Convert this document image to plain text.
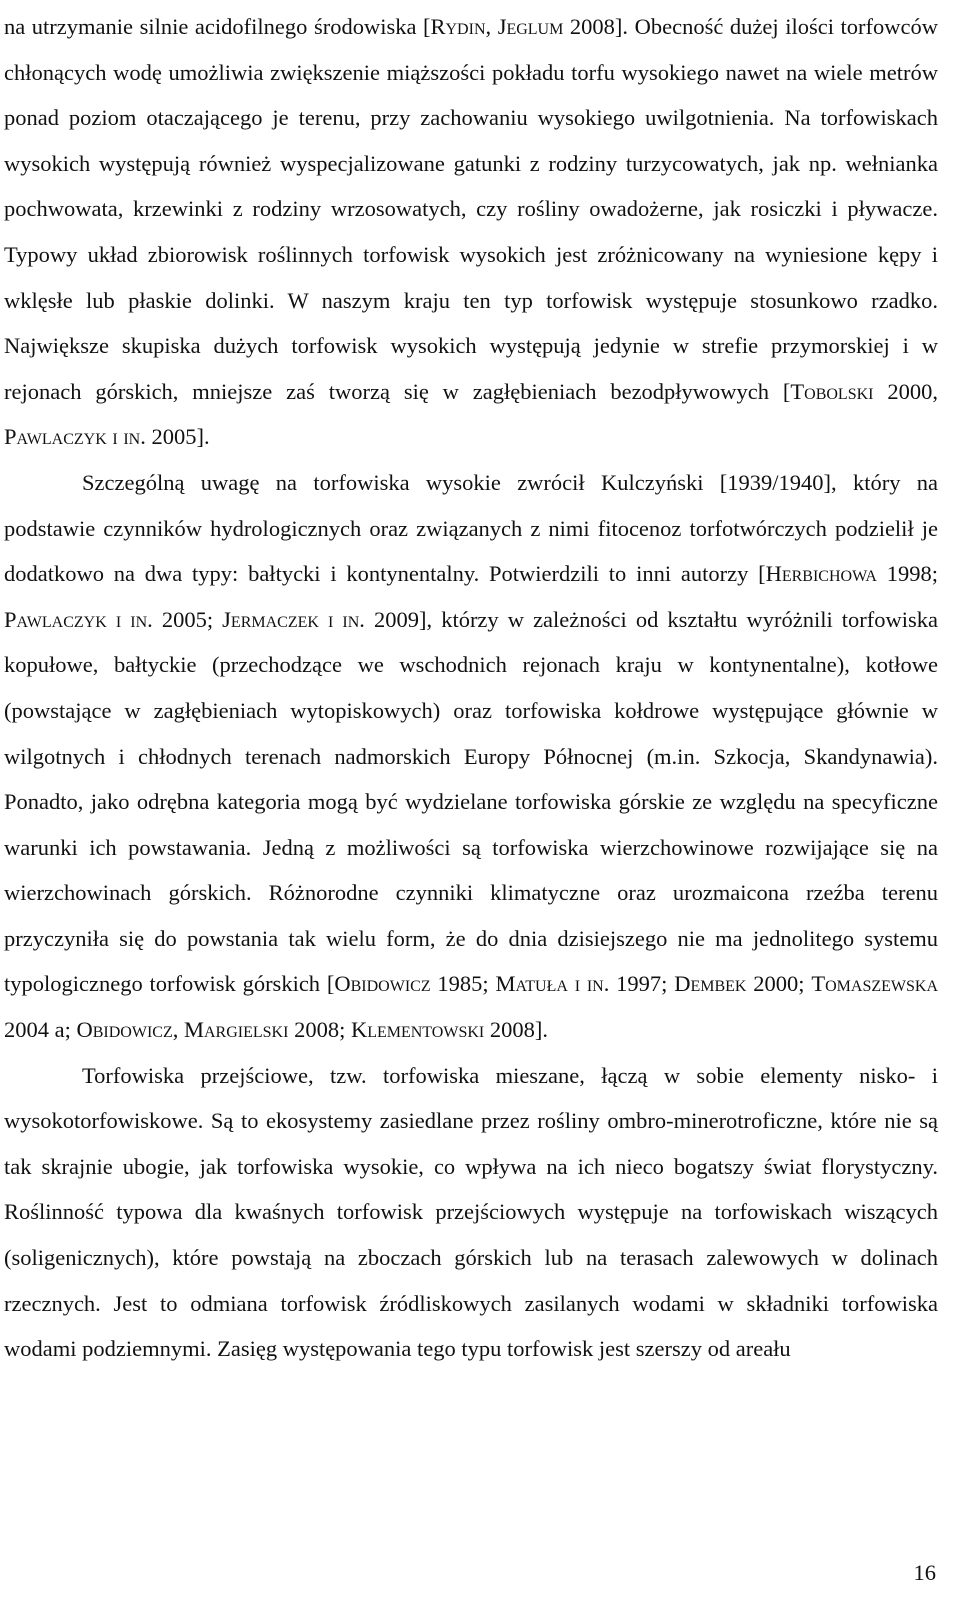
na utrzymanie silnie acidofilnego środowiska [Rydin, Jeglum 2008]. Obecność dużej ilości torfowców chłonących wodę umożliwia zwiększenie miąższości pokładu torfu wysokiego nawet na wiele metrów ponad poziom otaczającego je terenu, przy zachowaniu wysokiego uwilgotnienia. Na torfowiskach wysokich występują również wyspecjalizowane gatunki z rodziny turzycowatych, jak np. wełnianka pochwowata, krzewinki z rodziny wrzosowatych, czy rośliny owadożerne, jak rosiczki i pływacze. Typowy układ zbiorowisk roślinnych torfowisk wysokich jest zróżnicowany na wyniesione kępy i wklęsłe lub płaskie dolinki. W naszym kraju ten typ torfowisk występuje stosunkowo rzadko. Największe skupiska dużych torfowisk wysokich występują jedynie w strefie przymorskiej i w rejonach górskich, mniejsze zaś tworzą się w zagłębieniach bezodpływowych [Tobolski 2000, Pawlaczyk i in. 2005].

Szczególną uwagę na torfowiska wysokie zwrócił Kulczyński [1939/1940], który na podstawie czynników hydrologicznych oraz związanych z nimi fitocenoz torfotwórczych podzielił je dodatkowo na dwa typy: bałtycki i kontynentalny. Potwierdzili to inni autorzy [Herbichowa 1998; Pawlaczyk i in. 2005; Jermaczek i in. 2009], którzy w zależności od kształtu wyróżnili torfowiska kopułowe, bałtyckie (przechodzące we wschodnich rejonach kraju w kontynentalne), kotłowe (powstające w zagłębieniach wytopiskowych) oraz torfowiska kołdrowe występujące głównie w wilgotnych i chłodnych terenach nadmorskich Europy Północnej (m.in. Szkocja, Skandynawia). Ponadto, jako odrębna kategoria mogą być wydzielane torfowiska górskie ze względu na specyficzne warunki ich powstawania. Jedną z możliwości są torfowiska wierzchowinowe rozwijające się na wierzchowinach górskich. Różnorodne czynniki klimatyczne oraz urozmaicona rzeźba terenu przyczyniła się do powstania tak wielu form, że do dnia dzisiejszego nie ma jednolitego systemu typologicznego torfowisk górskich [Obidowicz 1985; Matuła i in. 1997; Dembek 2000; Tomaszewska 2004 a; Obidowicz, Margielski 2008; Klementowski 2008].

Torfowiska przejściowe, tzw. torfowiska mieszane, łączą w sobie elementy nisko- i wysokotorfowiskowe. Są to ekosystemy zasiedlane przez rośliny ombro-minerotroficzne, które nie są tak skrajnie ubogie, jak torfowiska wysokie, co wpływa na ich nieco bogatszy świat florystyczny. Roślinność typowa dla kwaśnych torfowisk przejściowych występuje na torfowiskach wiszących (soligenicznych), które powstają na zboczach górskich lub na terasach zalewowych w dolinach rzecznych. Jest to odmiana torfowisk źródliskowych zasilanych wodami w składniki torfowiska wodami podziemnymi. Zasięg występowania tego typu torfowisk jest szerszy od areału

16
